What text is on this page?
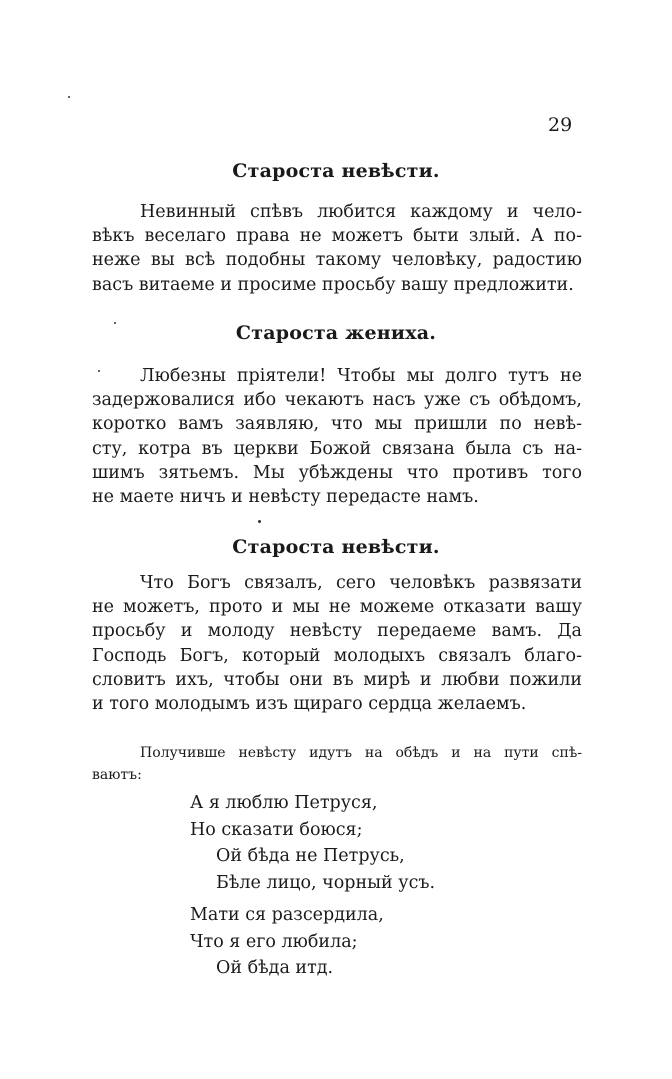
29
Староста невѣсти.
Невинный спѣвъ любится каждому и чело-
вѣкъ веселаго права не можетъ быти злый. А по-
неже вы всѣ подобны такому человѣку, радостию
васъ витаеме и просиме просьбу вашу предложити.
Староста жениха.
Любезны пріятели! Чтобы мы долго тутъ не
задержовалися ибо чекаютъ насъ уже съ обѣдомъ,
коротко вамъ заявляю, что мы пришли по невѣ-
сту, котра въ церкви Божой связана была съ на-
шимъ зятьемъ. Мы убѣждены что противъ того
не маете ничъ и невѣсту передасте намъ.
Староста невѣсти.
Что Богъ связалъ, сего человѣкъ развязати
не можетъ, прото и мы не можеме отказати вашу
просьбу и молоду невѣсту передаеме вамъ. Да
Господь Богъ, который молодыхъ связалъ благо-
словитъ ихъ, чтобы они въ мирѣ и любви пожили
и того молодымъ изъ щираго сердца желаемъ.
Получивше невѣсту идутъ на обѣдъ и на пути спѣ-
ваютъ:
А я люблю Петруся,
Но сказати боюся;
Ой бѣда не Петрусь,
Бѣле лицо, чорный усъ.
Мати ся разсердила,
Что я его любила;
Ой бѣда итд.
